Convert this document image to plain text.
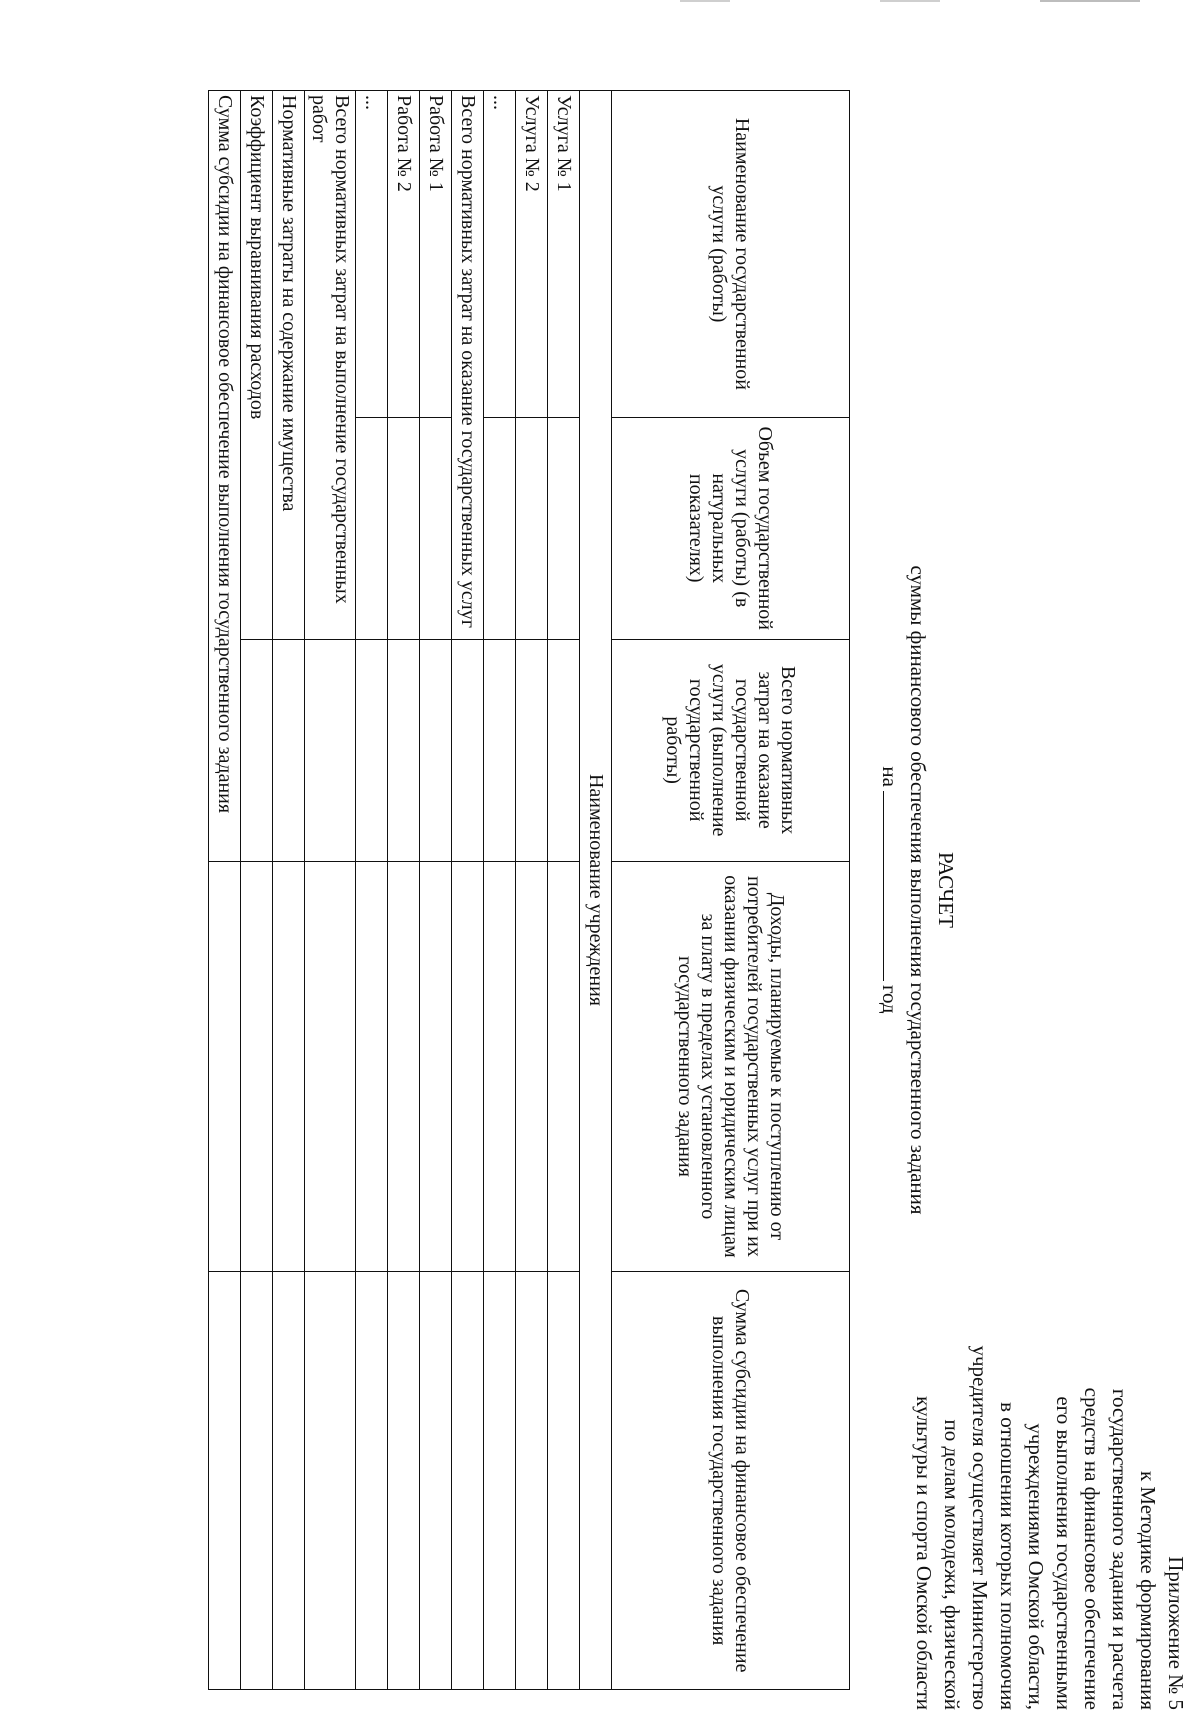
Приложение № 5
к Методике формирования
государственного задания и расчета
средств на финансовое обеспечение
его выполнения государственными
учреждениями Омской области,
в отношении которых полномочия
учредителя осуществляет Министерство
по делам молодежи, физической
культуры и спорта Омской области
РАСЧЕТ
суммы финансового обеспечения выполнения государственного задания
нагод
Наименование государственной услуги (работы)	Объем государственной услуги (работы) (в натуральных показателях)	Всего нормативных затрат на оказание государственной услуги (выполнение государственной работы)	Доходы, планируемые к поступлению от потребителей государственных услуг при их оказании физическим и юридическим лицам за плату в пределах установленного государственного задания	Сумма субсидии на финансовое обеспечение выполнения государственного задания
Наименование учреждения				
Услуга № 1				
Услуга № 2				
...				
Всего нормативных затрат на оказание государственных услуг				
Работа № 1				
Работа № 2				
...				
Всего нормативных затрат на выполнение государственных работ				
Нормативные затраты на содержание имущества				
Коэффициент выравнивания расходов				
Сумма субсидии на финансовое обеспечение выполнения государственного задания				
